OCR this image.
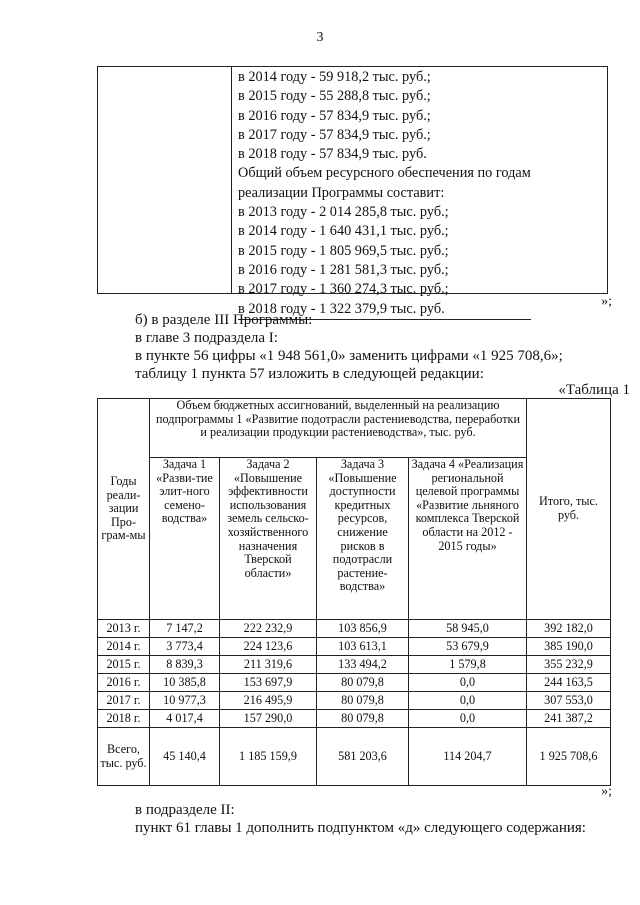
3
в 2014 году - 59 918,2 тыс. руб.;
в 2015 году - 55 288,8 тыс. руб.;
в 2016 году - 57 834,9 тыс. руб.;
в 2017 году - 57 834,9 тыс. руб.;
в 2018 году - 57 834,9 тыс. руб.
Общий объем ресурсного обеспечения по годам
реализации Программы составит:
в 2013 году - 2 014 285,8 тыс. руб.;
в 2014 году - 1 640 431,1 тыс. руб.;
в 2015 году - 1 805 969,5 тыс. руб.;
в 2016 году - 1 281 581,3 тыс. руб.;
в 2017 году - 1 360 274,3 тыс. руб.;
в 2018 году - 1 322 379,9 тыс. руб.	»;
б) в разделе III Программы:
в главе 3 подраздела I:
в пункте 56 цифры «1 948 561,0» заменить цифрами «1 925 708,6»;
таблицу 1 пункта 57 изложить в следующей редакции:
«Таблица 1
Годы реали-зации Про-грам-мы	Объем бюджетных ассигнований, выделенный на реализацию подпрограммы 1 «Развитие подотрасли растениеводства, переработки и реализации продукции растениеводства», тыс. руб.				Итого, тыс. руб.
	Задача 1 «Разви-тие элит-ного семено-водства»	Задача 2 «Повышение эффективности использования земель сельско-хозяйственного назначения Тверской области»	Задача 3 «Повышение доступности кредитных ресурсов, снижение рисков в подотрасли растение-водства»	Задача 4 «Реализация региональной целевой программы «Развитие льняного комплекса Тверской области на 2012 - 2015 годы»	
2013 г.	7 147,2	222 232,9	103 856,9	58 945,0	392 182,0
2014 г.	3 773,4	224 123,6	103 613,1	53 679,9	385 190,0
2015 г.	8 839,3	211 319,6	133 494,2	1 579,8	355 232,9
2016 г.	10 385,8	153 697,9	80 079,8	0,0	244 163,5
2017 г.	10 977,3	216 495,9	80 079,8	0,0	307 553,0
2018 г.	4 017,4	157 290,0	80 079,8	0,0	241 387,2
Всего, тыс. руб.	45 140,4	1 185 159,9	581 203,6	114 204,7	1 925 708,6
»;
в подразделе II:
пункт 61 главы 1 дополнить подпунктом «д» следующего содержания:
